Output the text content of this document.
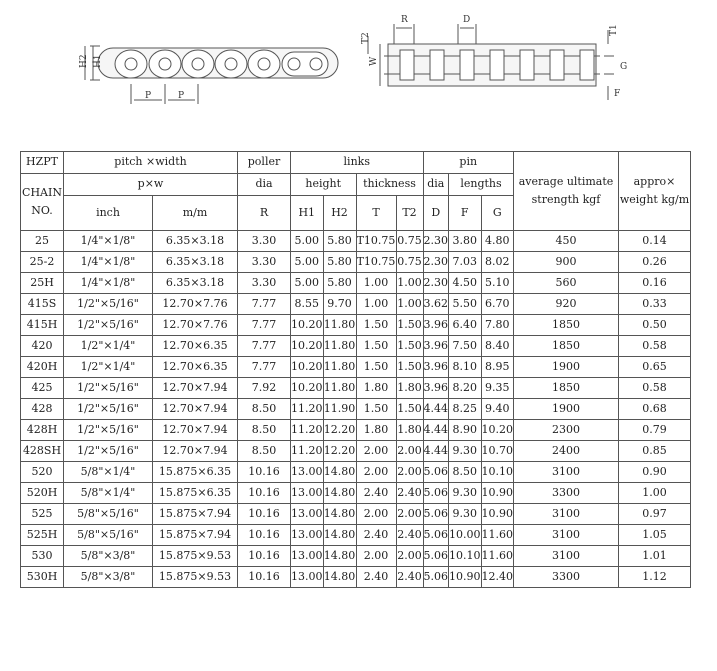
H2 H1
P	P
R	D
T2
W
T1
G
F
HZPT	pitch ×width		poller	links				pin			average ultimate strength kgf	appro× weight kg/m
CHAIN NO.	p×w		dia	height		thickness		dia	lengths			
	inch	m/m	R	H1	H2	T	T2	D	F	G		
25	1/4"×1/8"	6.35×3.18	3.30	5.00	5.80	T10.75	0.75	2.30	3.80	4.80	450	0.14
25-2	1/4"×1/8"	6.35×3.18	3.30	5.00	5.80	T10.75	0.75	2.30	7.03	8.02	900	0.26
25H	1/4"×1/8"	6.35×3.18	3.30	5.00	5.80	1.00	1.00	2.30	4.50	5.10	560	0.16
415S	1/2"×5/16"	12.70×7.76	7.77	8.55	9.70	1.00	1.00	3.62	5.50	6.70	920	0.33
415H	1/2"×5/16"	12.70×7.76	7.77	10.20	11.80	1.50	1.50	3.96	6.40	7.80	1850	0.50
420	1/2"×1/4"	12.70×6.35	7.77	10.20	11.80	1.50	1.50	3.96	7.50	8.40	1850	0.58
420H	1/2"×1/4"	12.70×6.35	7.77	10.20	11.80	1.50	1.50	3.96	8.10	8.95	1900	0.65
425	1/2"×5/16"	12.70×7.94	7.92	10.20	11.80	1.80	1.80	3.96	8.20	9.35	1850	0.58
428	1/2"×5/16"	12.70×7.94	8.50	11.20	11.90	1.50	1.50	4.44	8.25	9.40	1900	0.68
428H	1/2"×5/16"	12.70×7.94	8.50	11.20	12.20	1.80	1.80	4.44	8.90	10.20	2300	0.79
428SH	1/2"×5/16"	12.70×7.94	8.50	11.20	12.20	2.00	2.00	4.44	9.30	10.70	2400	0.85
520	5/8"×1/4"	15.875×6.35	10.16	13.00	14.80	2.00	2.00	5.06	8.50	10.10	3100	0.90
520H	5/8"×1/4"	15.875×6.35	10.16	13.00	14.80	2.40	2.40	5.06	9.30	10.90	3300	1.00
525	5/8"×5/16"	15.875×7.94	10.16	13.00	14.80	2.00	2.00	5.06	9.30	10.90	3100	0.97
525H	5/8"×5/16"	15.875×7.94	10.16	13.00	14.80	2.40	2.40	5.06	10.00	11.60	3100	1.05
530	5/8"×3/8"	15.875×9.53	10.16	13.00	14.80	2.00	2.00	5.06	10.10	11.60	3100	1.01
530H	5/8"×3/8"	15.875×9.53	10.16	13.00	14.80	2.40	2.40	5.06	10.90	12.40	3300	1.12
